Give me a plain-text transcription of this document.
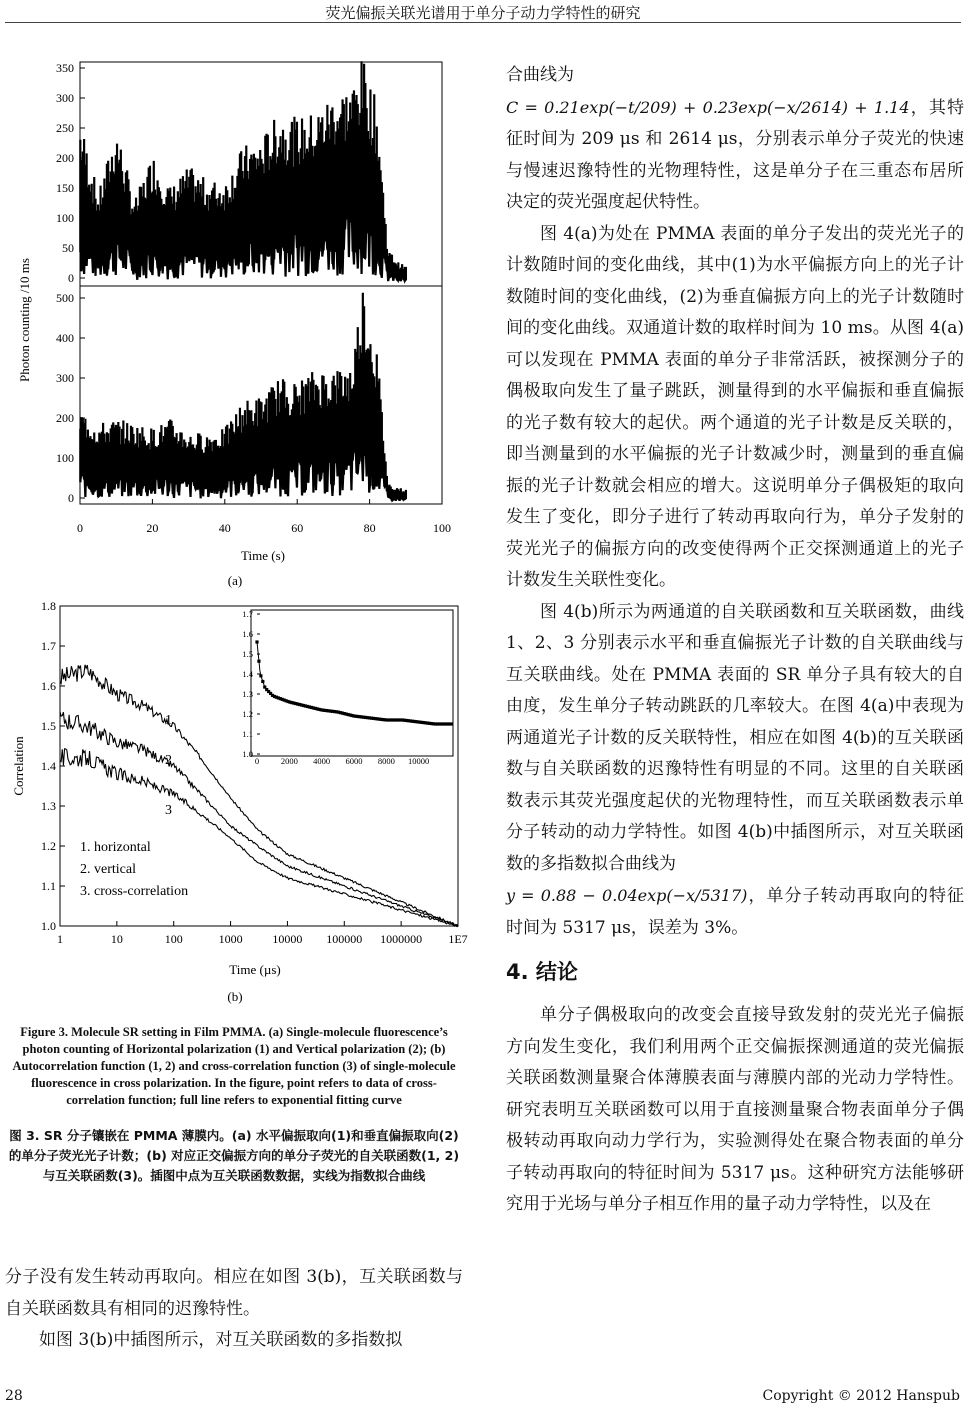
荧光偏振关联光谱用于单分子动力学特性的研究
Photon counting /10 ms	0
50
100
150
200
250
300
350
0
100
200
300
400
500
0	20	40	60	80	100
Time (s)
(a)
Correlation
1.0
1.1
1.2
1.3
1.4
1.5
1.6
1.7
1.8
1	10	100	1000 10000 100000 1000000 1E7
1
2
3
1. horizontal
2. vertical
3. cross-correlation
1.0
1.1
1.2
1.3
1.4
1.5
1.6
1.7
0	2000 4000 6000 8000 10000
Time (µs)
(b)
Figure 3. Molecule SR setting in Film PMMA. (a) Single-molecule fluorescence’s photon counting of Horizontal polarization (1) and Vertical polarization (2); (b) Autocorrelation function (1, 2) and cross-correlation function (3) of single-molecule fluorescence in cross polarization. In the figure, point refers to data of cross-correlation function; full line refers to exponential fitting curve
图 3. SR 分子镶嵌在 PMMA 薄膜内。(a) 水平偏振取向(1)和垂直偏振取向(2)的单分子荧光光子计数；(b) 对应正交偏振方向的单分子荧光的自关联函数(1, 2)与互关联函数(3)。插图中点为互关联函数数据，实线为指数拟合曲线

分子没有发生转动再取向。相应在如图 3(b)，互关联函数与自关联函数具有相同的迟豫特性。

如图 3(b)中插图所示，对互关联函数的多指数拟

合曲线为

C = 0.21exp(−t/209) + 0.23exp(−x/2614) + 1.14，其特征时间为 209 μs 和 2614 μs，分别表示单分子荧光的快速与慢速迟豫特性的光物理特性，这是单分子在三重态布居所决定的荧光强度起伏特性。

图 4(a)为处在 PMMA 表面的单分子发出的荧光光子的计数随时间的变化曲线，其中(1)为水平偏振方向上的光子计数随时间的变化曲线，(2)为垂直偏振方向上的光子计数随时间的变化曲线。双通道计数的取样时间为 10 ms。从图 4(a)可以发现在 PMMA 表面的单分子非常活跃，被探测分子的偶极取向发生了量子跳跃，测量得到的水平偏振和垂直偏振的光子数有较大的起伏。两个通道的光子计数是反关联的，即当测量到的水平偏振的光子计数减少时，测量到的垂直偏振的光子计数就会相应的增大。这说明单分子偶极矩的取向发生了变化，即分子进行了转动再取向行为，单分子发射的荧光光子的偏振方向的改变使得两个正交探测通道上的光子计数发生关联性变化。

图 4(b)所示为两通道的自关联函数和互关联函数，曲线 1、2、3 分别表示水平和垂直偏振光子计数的自关联曲线与互关联曲线。处在 PMMA 表面的 SR 单分子具有较大的自由度，发生单分子转动跳跃的几率较大。在图 4(a)中表现为两通道光子计数的反关联特性，相应在如图 4(b)的互关联函数与自关联函数的迟豫特性有明显的不同。这里的自关联函数表示其荧光强度起伏的光物理特性，而互关联函数表示单分子转动的动力学特性。如图 4(b)中插图所示，对互关联函数的多指数拟合曲线为

y = 0.88 − 0.04exp(−x/5317)，单分子转动再取向的特征时间为 5317 μs，误差为 3%。

4. 结论

单分子偶极取向的改变会直接导致发射的荧光光子偏振方向发生变化，我们利用两个正交偏振探测通道的荧光偏振关联函数测量聚合体薄膜表面与薄膜内部的光动力学特性。研究表明互关联函数可以用于直接测量聚合物表面单分子偶极转动再取向动力学行为，实验测得处在聚合物表面的单分子转动再取向的特征时间为 5317 μs。这种研究方法能够研究用于光场与单分子相互作用的量子动力学特性，以及在

28	Copyright © 2012 Hanspub
